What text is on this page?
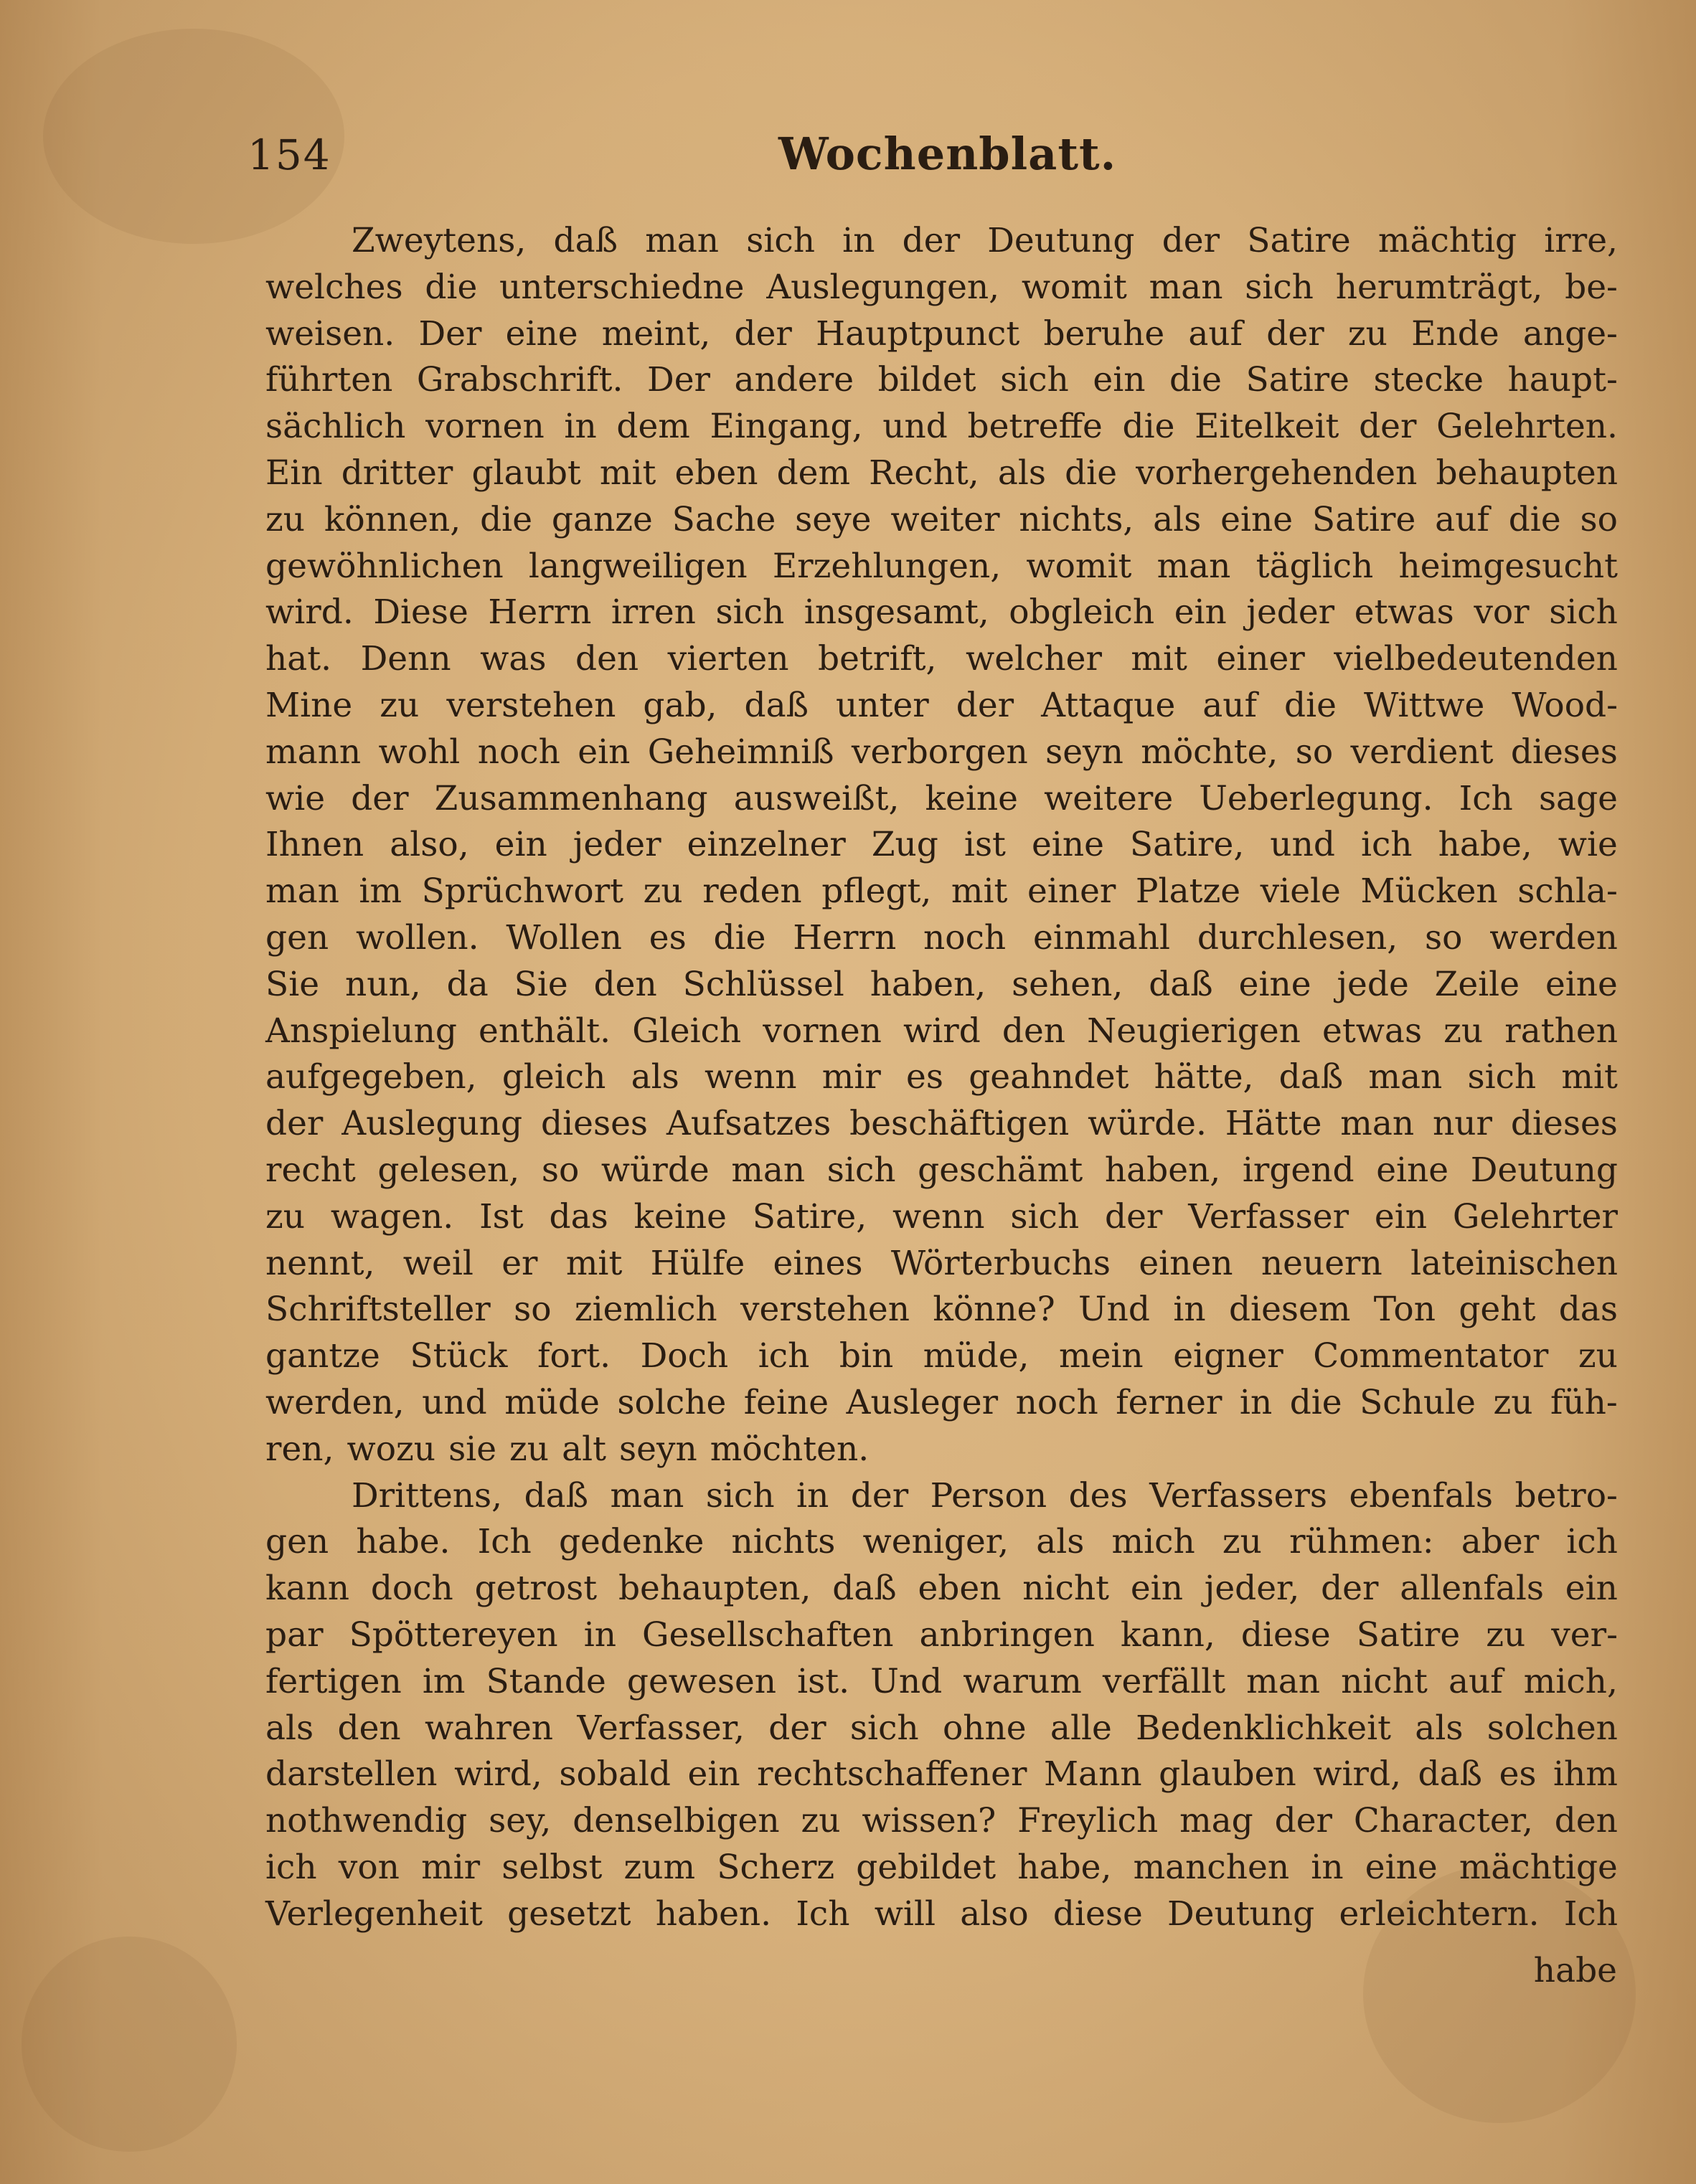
154	Wochenblatt.
Zweytens, daß man sich in der Deutung der Satire mächtig irre,
welches die unterschiedne Auslegungen, womit man sich herumträgt, be-
weisen. Der eine meint, der Hauptpunct beruhe auf der zu Ende ange-
führten Grabschrift. Der andere bildet sich ein die Satire stecke haupt-
sächlich vornen in dem Eingang, und betreffe die Eitelkeit der Gelehrten.
Ein dritter glaubt mit eben dem Recht, als die vorhergehenden behaupten
zu können, die ganze Sache seye weiter nichts, als eine Satire auf die so
gewöhnlichen langweiligen Erzehlungen, womit man täglich heimgesucht
wird. Diese Herrn irren sich insgesamt, obgleich ein jeder etwas vor sich
hat. Denn was den vierten betrift, welcher mit einer vielbedeutenden
Mine zu verstehen gab, daß unter der Attaque auf die Wittwe Wood-
mann wohl noch ein Geheimniß verborgen seyn möchte, so verdient dieses
wie der Zusammenhang ausweißt, keine weitere Ueberlegung. Ich sage
Ihnen also, ein jeder einzelner Zug ist eine Satire, und ich habe, wie
man im Sprüchwort zu reden pflegt, mit einer Platze viele Mücken schla-
gen wollen. Wollen es die Herrn noch einmahl durchlesen, so werden
Sie nun, da Sie den Schlüssel haben, sehen, daß eine jede Zeile eine
Anspielung enthält. Gleich vornen wird den Neugierigen etwas zu rathen
aufgegeben, gleich als wenn mir es geahndet hätte, daß man sich mit
der Auslegung dieses Aufsatzes beschäftigen würde. Hätte man nur dieses
recht gelesen, so würde man sich geschämt haben, irgend eine Deutung
zu wagen. Ist das keine Satire, wenn sich der Verfasser ein Gelehrter
nennt, weil er mit Hülfe eines Wörterbuchs einen neuern lateinischen
Schriftsteller so ziemlich verstehen könne? Und in diesem Ton geht das
gantze Stück fort. Doch ich bin müde, mein eigner Commentator zu
werden, und müde solche feine Ausleger noch ferner in die Schule zu füh-
ren, wozu sie zu alt seyn möchten.
Drittens, daß man sich in der Person des Verfassers ebenfals betro-
gen habe. Ich gedenke nichts weniger, als mich zu rühmen: aber ich
kann doch getrost behaupten, daß eben nicht ein jeder, der allenfals ein
par Spöttereyen in Gesellschaften anbringen kann, diese Satire zu ver-
fertigen im Stande gewesen ist. Und warum verfällt man nicht auf mich,
als den wahren Verfasser, der sich ohne alle Bedenklichkeit als solchen
darstellen wird, sobald ein rechtschaffener Mann glauben wird, daß es ihm
nothwendig sey, denselbigen zu wissen? Freylich mag der Character, den
ich von mir selbst zum Scherz gebildet habe, manchen in eine mächtige
Verlegenheit gesetzt haben. Ich will also diese Deutung erleichtern. Ich
habe
